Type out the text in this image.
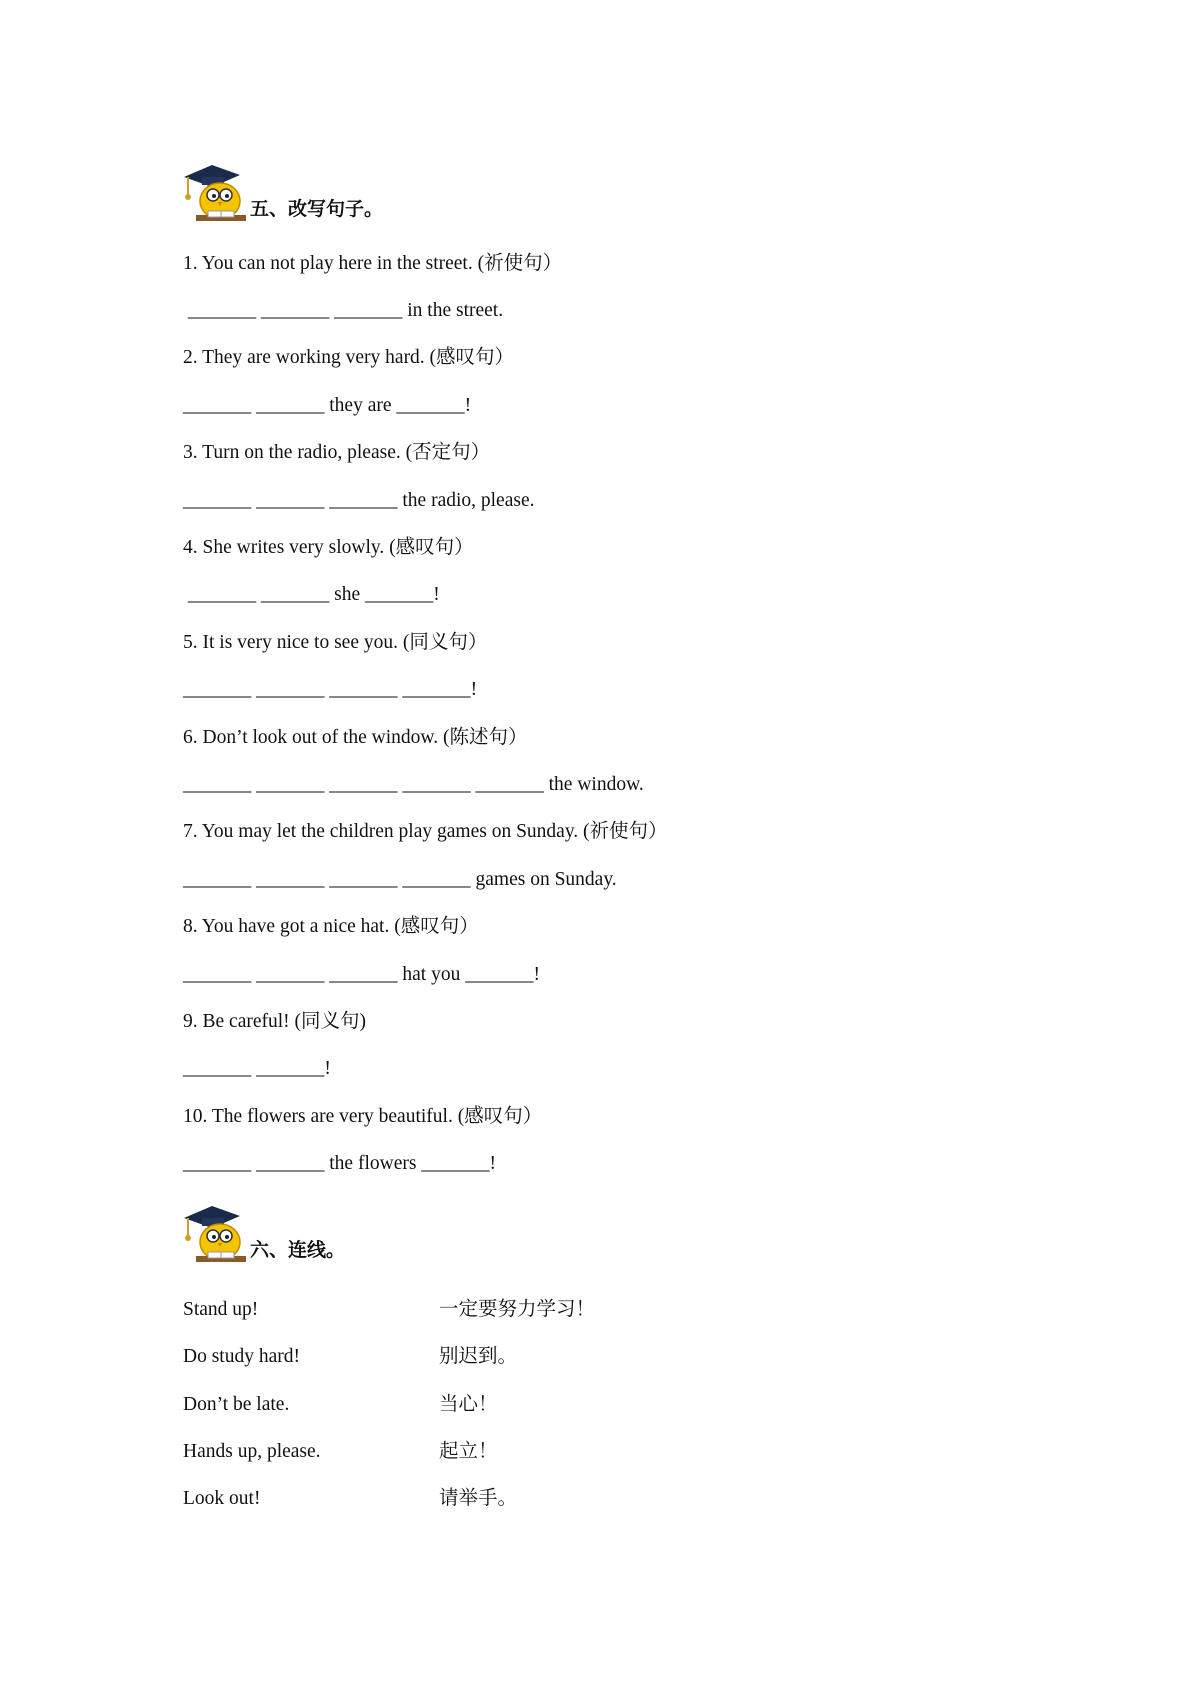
五、改写句子。
1. You can not play here in the street. (祈使句）
_______ _______ _______ in the street.
2. They are working very hard. (感叹句）
_______ _______ they are _______!
3. Turn on the radio, please. (否定句）
_______ _______ _______ the radio, please.
4. She writes very slowly. (感叹句）
_______ _______ she _______!
5. It is very nice to see you. (同义句）
_______ _______ _______ _______!
6. Don’t look out of the window. (陈述句）
_______ _______ _______ _______ _______ the window.
7. You may let the children play games on Sunday. (祈使句）
_______ _______ _______ _______ games on Sunday.
8. You have got a nice hat. (感叹句）
_______ _______ _______ hat you _______!
9. Be careful! (同义句)
_______ _______!
10. The flowers are very beautiful. (感叹句）
_______ _______ the flowers _______!
六、连线。
Stand up!	一定要努力学习！
Do study hard!	别迟到。
Don’t be late.	当心！
Hands up, please.	起立！
Look out!	请举手。
